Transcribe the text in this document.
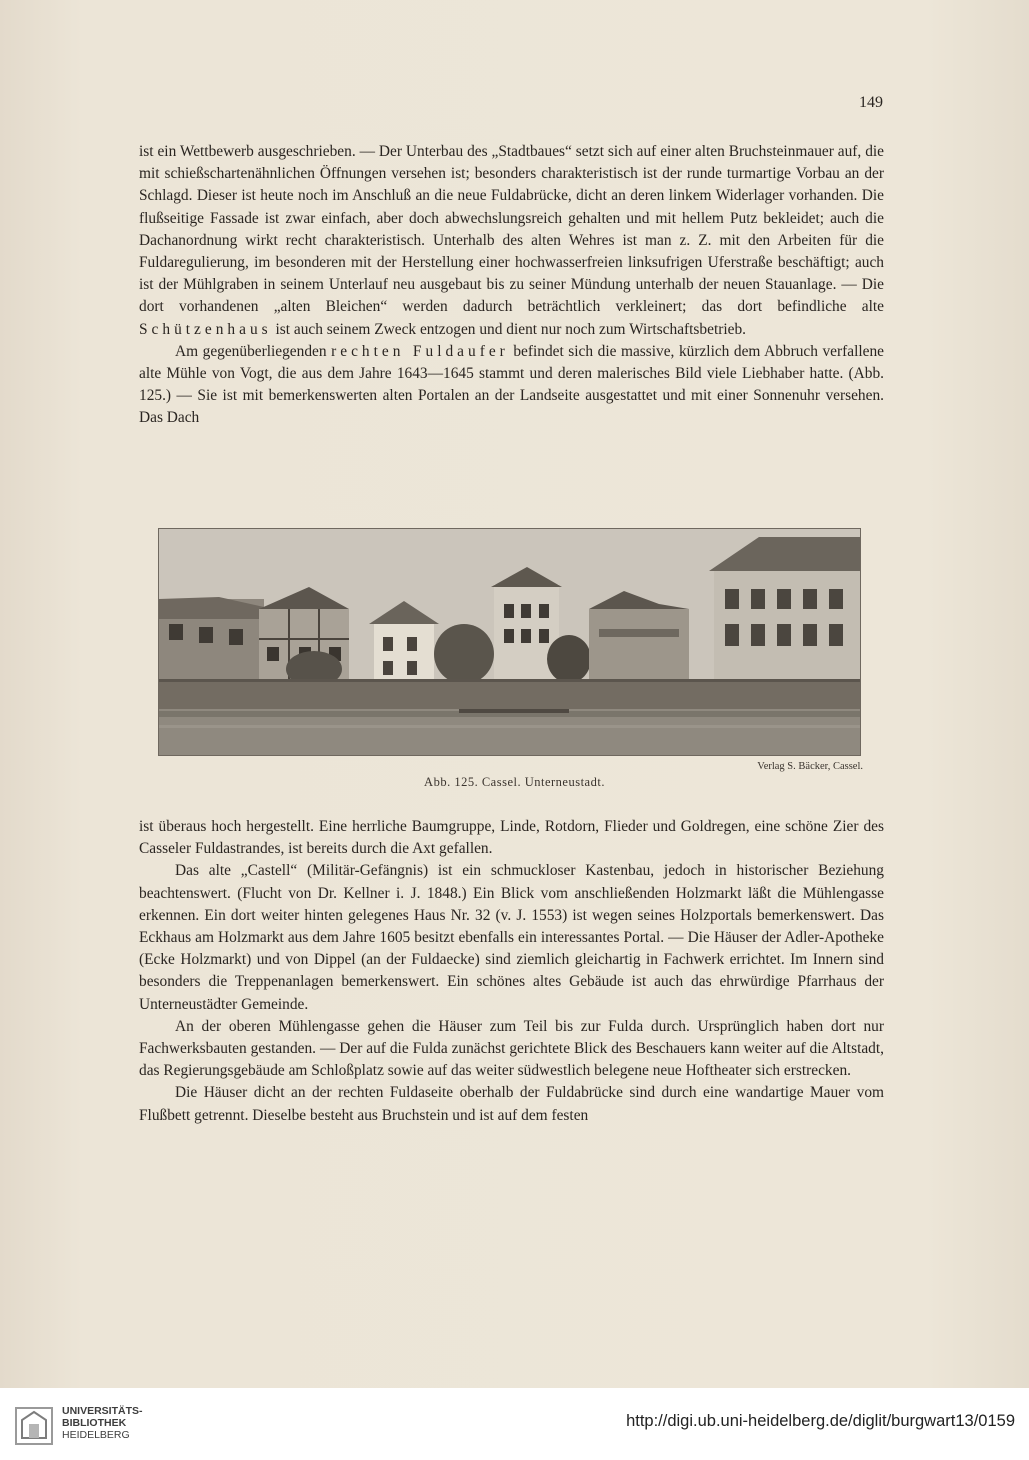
149

ist ein Wettbewerb ausgeschrieben. — Der Unterbau des „Stadtbaues“ setzt sich auf einer alten Bruchsteinmauer auf, die mit schießschartenähnlichen Öffnungen versehen ist; besonders charakteristisch ist der runde turmartige Vorbau an der Schlagd. Dieser ist heute noch im Anschluß an die neue Fuldabrücke, dicht an deren linkem Widerlager vorhanden. Die flußseitige Fassade ist zwar einfach, aber doch abwechslungsreich gehalten und mit hellem Putz bekleidet; auch die Dachanordnung wirkt recht charakteristisch. Unterhalb des alten Wehres ist man z. Z. mit den Arbeiten für die Fuldaregulierung, im besonderen mit der Herstellung einer hochwasserfreien linksufrigen Uferstraße beschäftigt; auch ist der Mühlgraben in seinem Unterlauf neu ausgebaut bis zu seiner Mündung unterhalb der neuen Stauanlage. — Die dort vorhandenen „alten Bleichen“ werden dadurch beträchtlich verkleinert; das dort befindliche alte Schützenhaus ist auch seinem Zweck entzogen und dient nur noch zum Wirtschaftsbetrieb.

Am gegenüberliegenden rechten Fuldaufer befindet sich die massive, kürzlich dem Abbruch verfallene alte Mühle von Vogt, die aus dem Jahre 1643—1645 stammt und deren malerisches Bild viele Liebhaber hatte. (Abb. 125.) — Sie ist mit bemerkenswerten alten Portalen an der Landseite ausgestattet und mit einer Sonnenuhr versehen. Das Dach

Verlag S. Bäcker, Cassel.
Abb. 125. Cassel. Unterneustadt.

ist überaus hoch hergestellt. Eine herrliche Baumgruppe, Linde, Rotdorn, Flieder und Goldregen, eine schöne Zier des Casseler Fuldastrandes, ist bereits durch die Axt gefallen.

Das alte „Castell“ (Militär-Gefängnis) ist ein schmuckloser Kastenbau, jedoch in historischer Beziehung beachtenswert. (Flucht von Dr. Kellner i. J. 1848.) Ein Blick vom anschließenden Holzmarkt läßt die Mühlengasse erkennen. Ein dort weiter hinten gelegenes Haus Nr. 32 (v. J. 1553) ist wegen seines Holzportals bemerkenswert. Das Eckhaus am Holzmarkt aus dem Jahre 1605 besitzt ebenfalls ein interessantes Portal. — Die Häuser der Adler-Apotheke (Ecke Holzmarkt) und von Dippel (an der Fuldaecke) sind ziemlich gleichartig in Fachwerk errichtet. Im Innern sind besonders die Treppenanlagen bemerkenswert. Ein schönes altes Gebäude ist auch das ehrwürdige Pfarrhaus der Unterneustädter Gemeinde.

An der oberen Mühlengasse gehen die Häuser zum Teil bis zur Fulda durch. Ursprünglich haben dort nur Fachwerksbauten gestanden. — Der auf die Fulda zunächst gerichtete Blick des Beschauers kann weiter auf die Altstadt, das Regierungsgebäude am Schloßplatz sowie auf das weiter südwestlich belegene neue Hoftheater sich erstrecken.

Die Häuser dicht an der rechten Fuldaseite oberhalb der Fuldabrücke sind durch eine wandartige Mauer vom Flußbett getrennt. Dieselbe besteht aus Bruchstein und ist auf dem festen

UNIVERSITÄTS-
BIBLIOTHEK
HEIDELBERG
http://digi.ub.uni-heidelberg.de/diglit/burgwart13/0159
